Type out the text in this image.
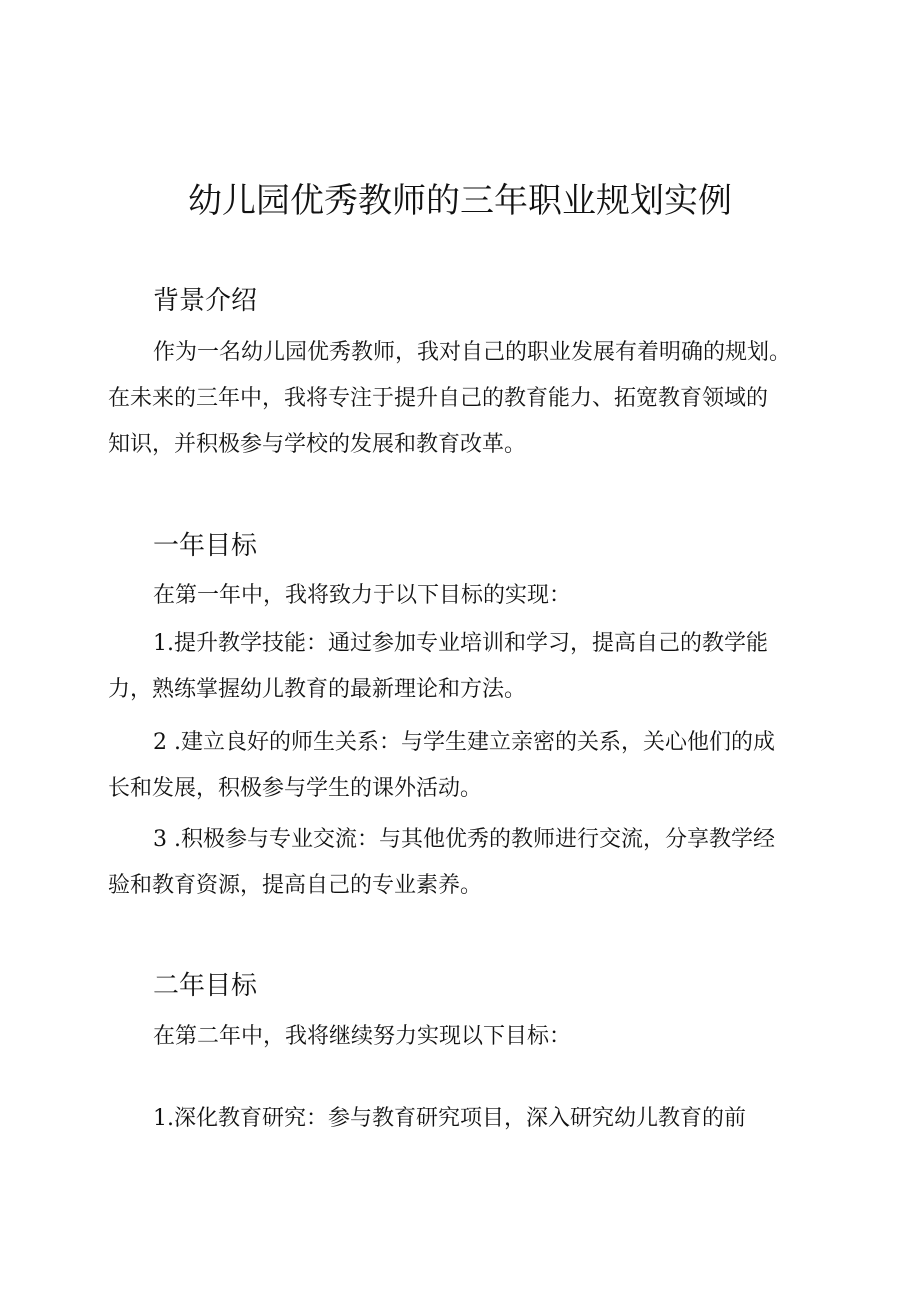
幼儿园优秀教师的三年职业规划实例
背景介绍
作为一名幼儿园优秀教师，我对自己的职业发展有着明确的规划。
在未来的三年中，我将专注于提升自己的教育能力、拓宽教育领域的
知识，并积极参与学校的发展和教育改革。
一年目标
在第一年中，我将致力于以下目标的实现：
1.提升教学技能：通过参加专业培训和学习，提高自己的教学能
力，熟练掌握幼儿教育的最新理论和方法。
2 .建立良好的师生关系：与学生建立亲密的关系，关心他们的成
长和发展，积极参与学生的课外活动。
3 .积极参与专业交流：与其他优秀的教师进行交流，分享教学经
验和教育资源，提高自己的专业素养。
二年目标
在第二年中，我将继续努力实现以下目标：
1.深化教育研究：参与教育研究项目，深入研究幼儿教育的前
